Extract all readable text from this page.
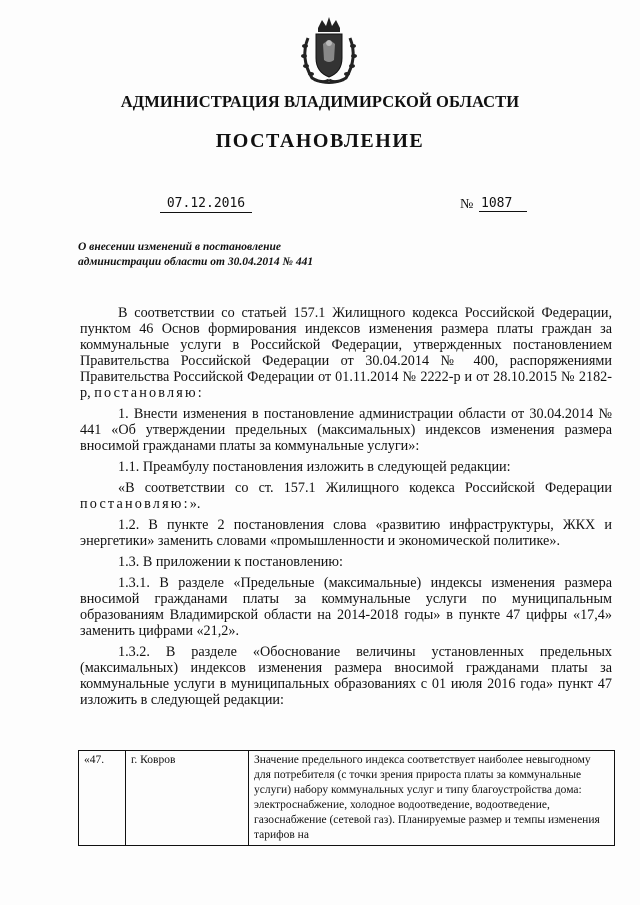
АДМИНИСТРАЦИЯ ВЛАДИМИРСКОЙ ОБЛАСТИ
ПОСТАНОВЛЕНИЕ
07.12.2016	№ 1087
О внесении изменений в постановление
администрации области от 30.04.2014 № 441

В соответствии со статьей 157.1 Жилищного кодекса Российской Федерации, пунктом 46 Основ формирования индексов изменения размера платы граждан за коммунальные услуги в Российской Федерации, утвержденных постановлением Правительства Российской Федерации от 30.04.2014 № 400, распоряжениями Правительства Российской Федерации от 01.11.2014 № 2222-р и от 28.10.2015 № 2182-р, постановляю:

1. Внести изменения в постановление администрации области от 30.04.2014 № 441 «Об утверждении предельных (максимальных) индексов изменения размера вносимой гражданами платы за коммунальные услуги»:

1.1. Преамбулу постановления изложить в следующей редакции:

«В соответствии со ст. 157.1 Жилищного кодекса Российской Федерации постановляю:».

1.2. В пункте 2 постановления слова «развитию инфраструктуры, ЖКХ и энергетики» заменить словами «промышленности и экономической политике».

1.3. В приложении к постановлению:

1.3.1. В разделе «Предельные (максимальные) индексы изменения размера вносимой гражданами платы за коммунальные услуги по муниципальным образованиям Владимирской области на 2014-2018 годы» в пункте 47 цифры «17,4» заменить цифрами «21,2».

1.3.2. В разделе «Обоснование величины установленных предельных (максимальных) индексов изменения размера вносимой гражданами платы за коммунальные услуги в муниципальных образованиях с 01 июля 2016 года» пункт 47 изложить в следующей редакции:

«47.	г. Ковров	Значение предельного индекса соответствует наиболее невыгодному для потребителя (с точки зрения прироста платы за коммунальные услуги) набору коммунальных услуг и типу благоустройства дома: электроснабжение, холодное водоотведение, водоотведение, газоснабжение (сетевой газ). Планируемые размер и темпы изменения тарифов на
